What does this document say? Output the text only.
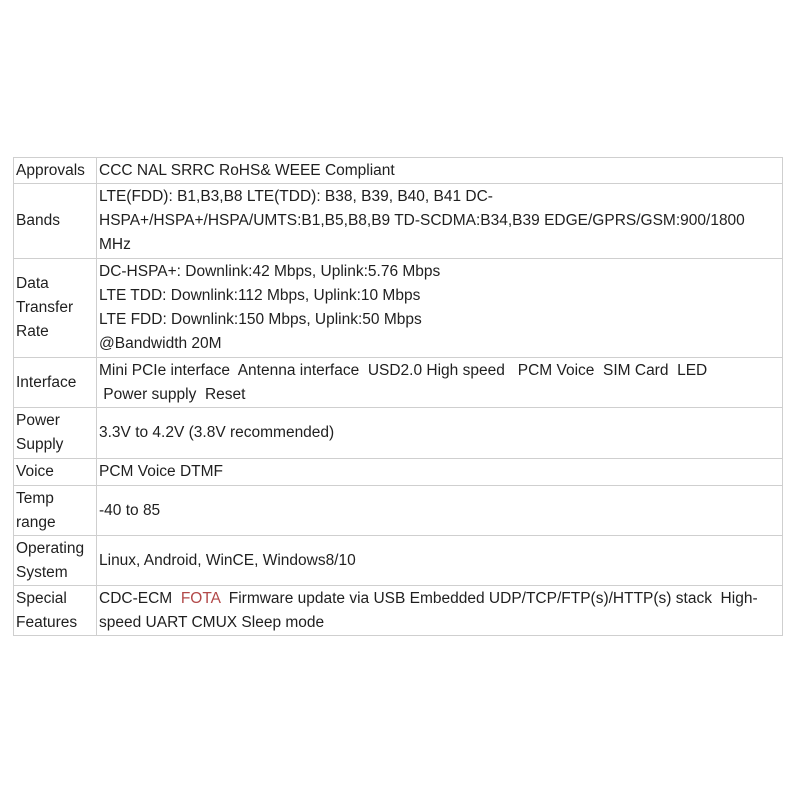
Approvals	CCC NAL SRRC RoHS& WEEE Compliant

Bands	LTE(FDD): B1,B3,B8 LTE(TDD): B38, B39, B40, B41 DC-
HSPA+/HSPA+/HSPA/UMTS:B1,B5,B8,B9 TD-SCDMA:B34,B39 EDGE/GPRS/GSM:900/1800
MHz

Data
Transfer
Rate	DC-HSPA+: Downlink:42 Mbps, Uplink:5.76 Mbps
LTE TDD: Downlink:112 Mbps, Uplink:10 Mbps
LTE FDD: Downlink:150 Mbps, Uplink:50 Mbps
@Bandwidth 20M

Interface	Mini PCIe interface  Antenna interface  USD2.0 High speed   PCM Voice  SIM Card  LED
Power supply  Reset

Power
Supply	3.3V to 4.2V (3.8V recommended)

Voice	PCM Voice DTMF

Temp
range	-40 to 85

Operating
System	Linux, Android, WinCE, Windows8/10

Special
Features	CDC-ECM  FOTA  Firmware update via USB Embedded UDP/TCP/FTP(s)/HTTP(s) stack  High-
speed UART CMUX Sleep mode
